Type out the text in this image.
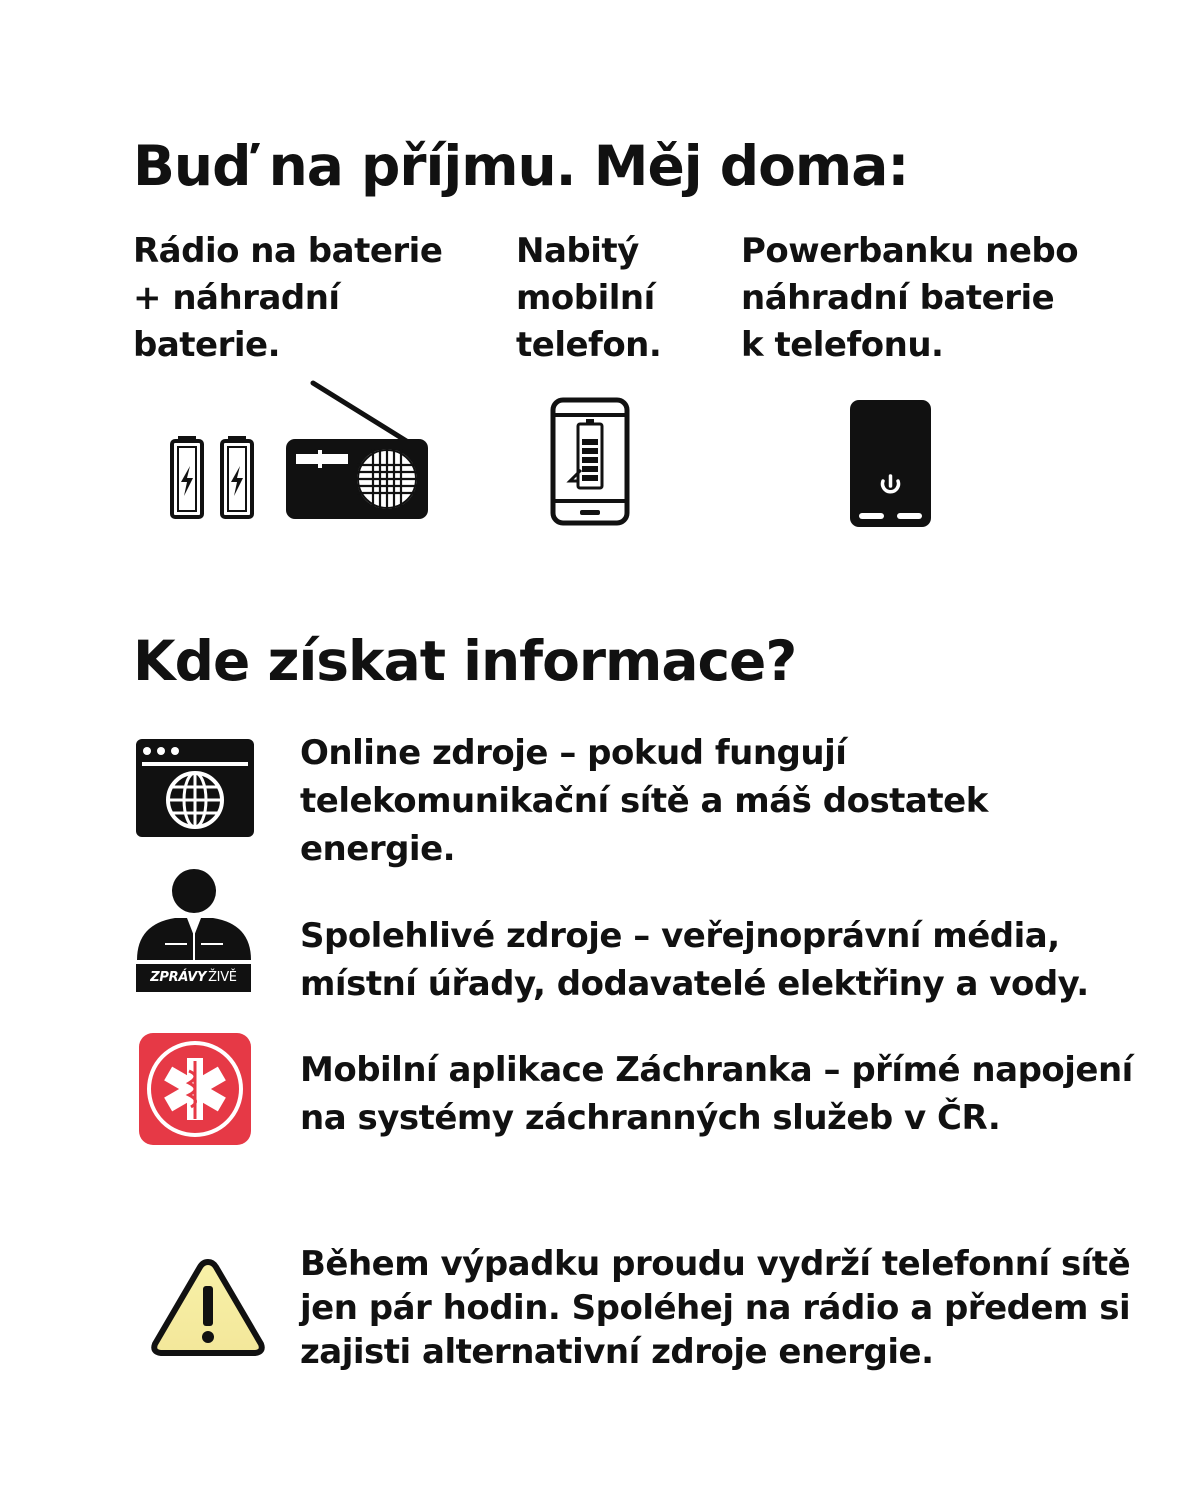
Buď na příjmu. Měj doma:

Rádio na baterie
+ náhradní
baterie.

Nabitý
mobilní
telefon.

Powerbanku nebo
náhradní baterie
k telefonu.

Kde získat informace?

Online zdroje – pokud fungují
telekomunikační sítě a máš dostatek
energie.

ZPRÁVY ŽIVĚ

Spolehlivé zdroje – veřejnoprávní média,
místní úřady, dodavatelé elektřiny a vody.

Mobilní aplikace Záchranka – přímé napojení
na systémy záchranných služeb v ČR.

Během výpadku proudu vydrží telefonní sítě
jen pár hodin. Spoléhej na rádio a předem si
zajisti alternativní zdroje energie.
